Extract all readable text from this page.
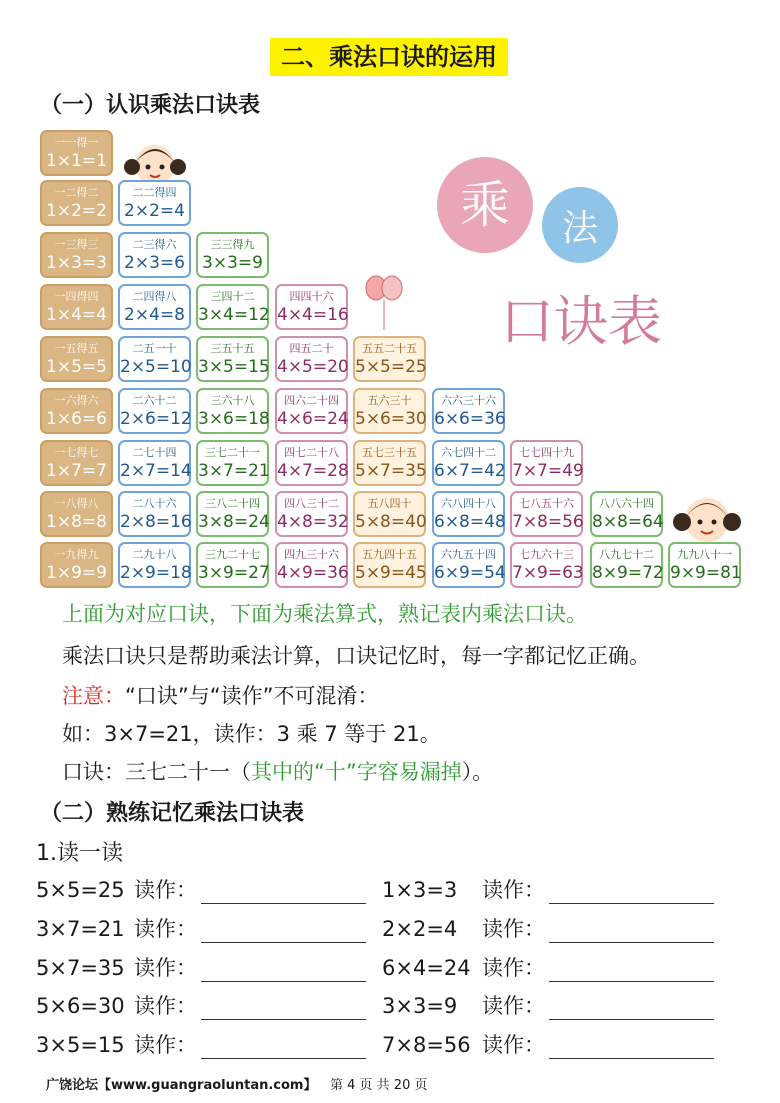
二、乘法口诀的运用
（一）认识乘法口诀表
乘 法
口诀表
一一得一
1×1=1
一二得二
1×2=2
二二得四
2×2=4
一三得三
1×3=3
二三得六
2×3=6
三三得九
3×3=9
一四得四
1×4=4
二四得八
2×4=8
三四十二
3×4=12
四四十六
4×4=16
一五得五
1×5=5
二五一十
2×5=10
三五十五
3×5=15
四五二十
4×5=20
五五二十五
5×5=25
一六得六
1×6=6
二六十二
2×6=12
三六十八
3×6=18
四六二十四
4×6=24
五六三十
5×6=30
六六三十六
6×6=36
一七得七
1×7=7
二七十四
2×7=14
三七二十一
3×7=21
四七二十八
4×7=28
五七三十五
5×7=35
六七四十二
6×7=42
七七四十九
7×7=49
一八得八
1×8=8
二八十六
2×8=16
三八二十四
3×8=24
四八三十二
4×8=32
五八四十
5×8=40
六八四十八
6×8=48
七八五十六
7×8=56
八八六十四
8×8=64
一九得九
1×9=9
二九十八
2×9=18
三九二十七
3×9=27
四九三十六
4×9=36
五九四十五
5×9=45
六九五十四
6×9=54
七九六十三
7×9=63
八九七十二
8×9=72
九九八十一
9×9=81
上面为对应口诀，下面为乘法算式，熟记表内乘法口诀。
乘法口诀只是帮助乘法计算，口诀记忆时，每一字都记忆正确。
注意：“口诀”与“读作”不可混淆：
如：3×7=21，读作：3 乘 7 等于 21。
口诀：三七二十一（其中的“十”字容易漏掉）。
（二）熟练记忆乘法口诀表
1.读一读
5×5=25 读作：	1×3=3 读作：
3×7=21 读作：	2×2=4 读作：
5×7=35 读作：	6×4=24 读作：
5×6=30 读作：	3×3=9 读作：
3×5=15 读作：	7×8=56 读作：
广饶论坛【www.guangraoluntan.com】 第 4 页 共 20 页
